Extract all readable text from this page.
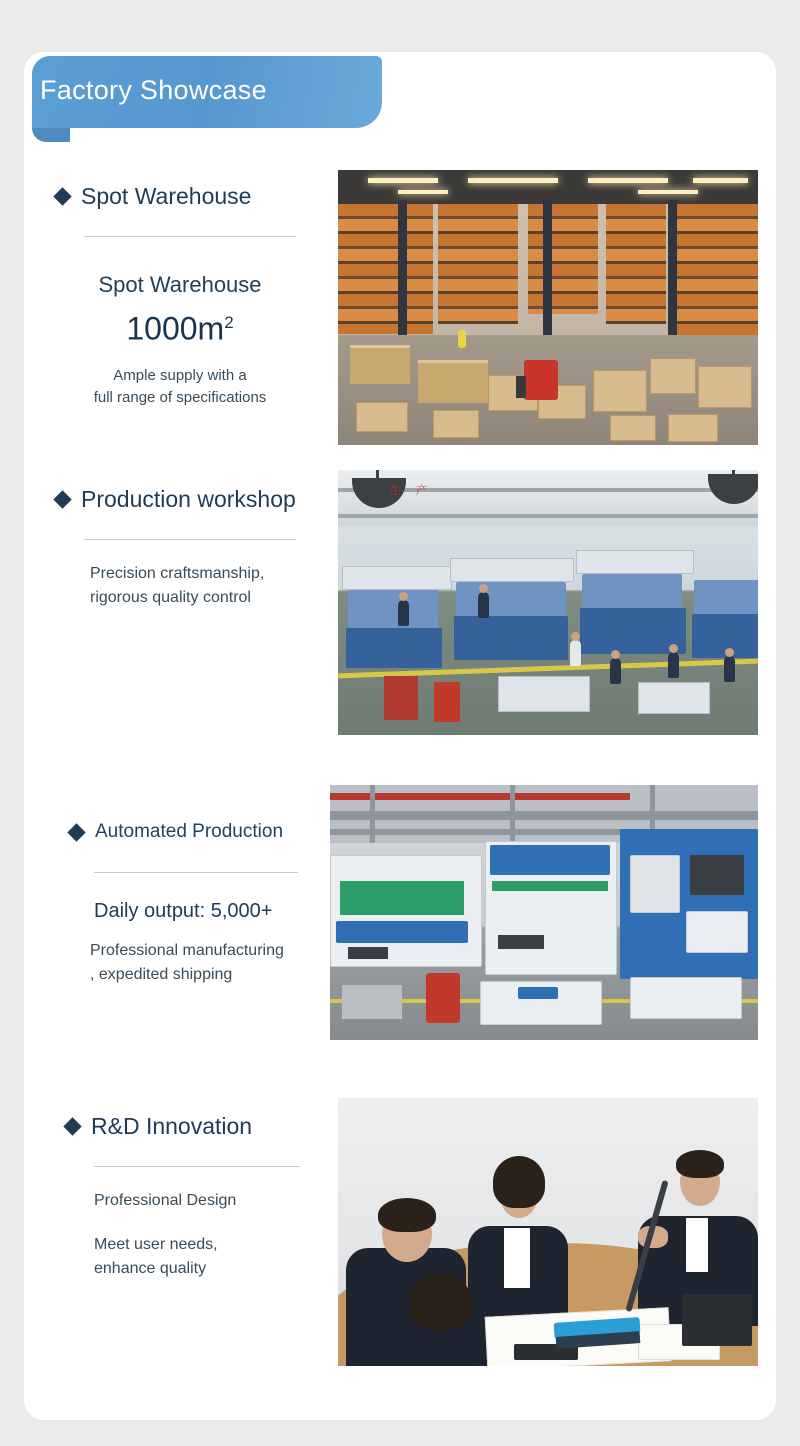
Factory Showcase
Spot Warehouse
Spot Warehouse
$1000m^2$
Ample supply with a
full range of specifications
Production workshop
Precision craftsmanship,
rigorous quality control
生 产
Automated Production
Daily output: 5,000+
Professional manufacturing
, expedited shipping
R&D Innovation
Professional Design
Meet user needs,
enhance quality
